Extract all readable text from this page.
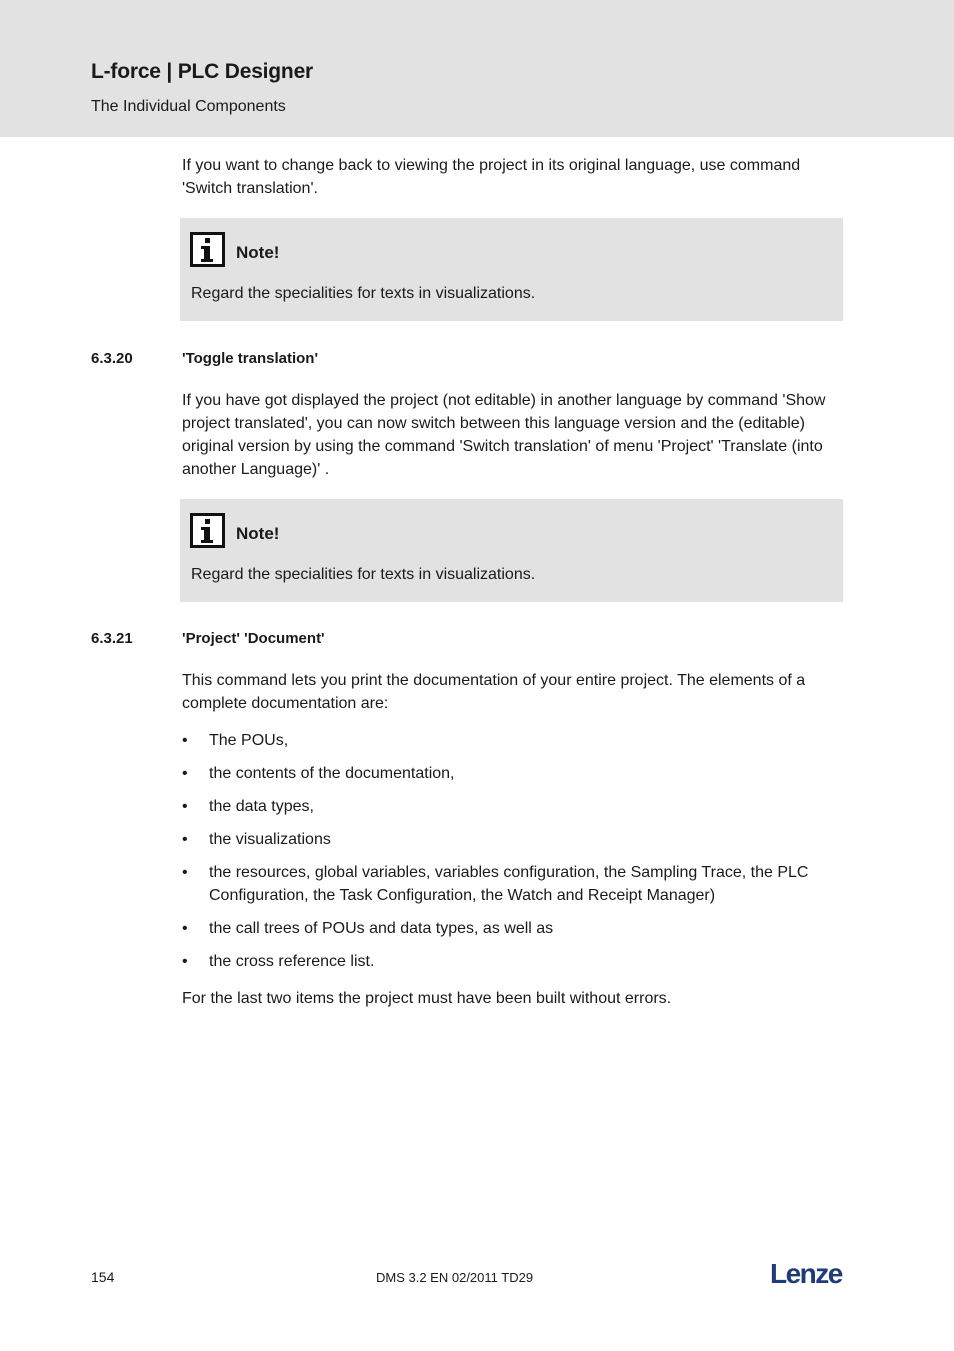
L-force | PLC Designer
The Individual Components

If you want to change back to viewing the project in its original language, use command 'Switch translation'.

Note!
Regard the specialities for texts in visualizations.
6.3.20	'Toggle translation'

If you have got displayed the project (not editable) in another language by command 'Show project translated', you can now switch between this language version and the (editable) original version by using the command 'Switch translation' of menu 'Project' 'Translate (into another Language)' .

Note!
Regard the specialities for texts in visualizations.
6.3.21	'Project' 'Document'

This command lets you print the documentation of your entire project. The elements of a complete documentation are:

• The POUs,
• the contents of the documentation,
• the data types,
• the visualizations
• the resources, global variables, variables configuration, the Sampling Trace, the PLC Configuration, the Task Configuration, the Watch and Receipt Manager)
• the call trees of POUs and data types, as well as
• the cross reference list.

For the last two items the project must have been built without errors.

154	DMS 3.2 EN 02/2011 TD29	Lenze
